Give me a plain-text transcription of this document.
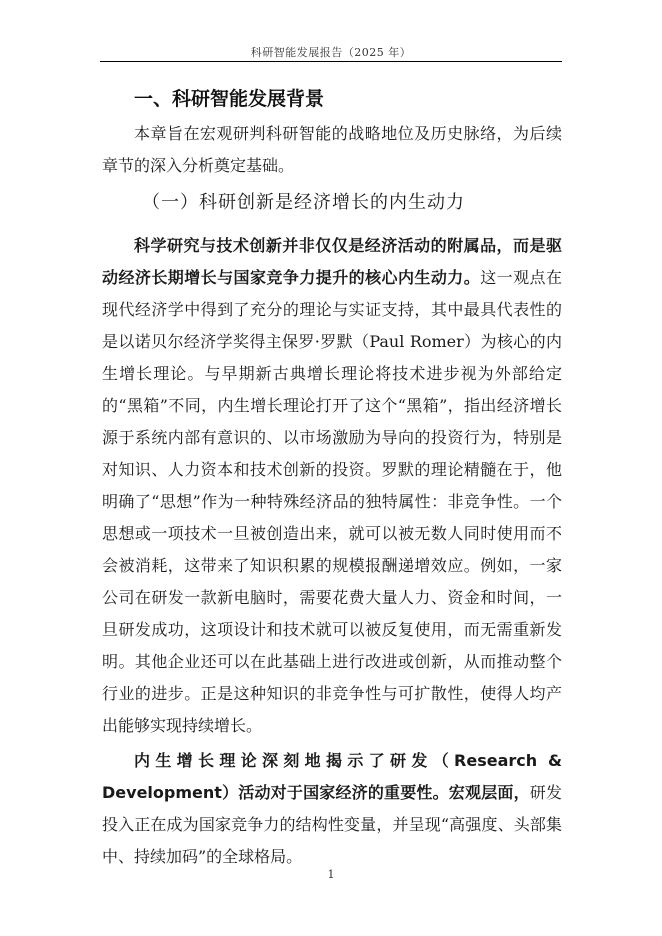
科研智能发展报告（2025 年）
一、科研智能发展背景

本章旨在宏观研判科研智能的战略地位及历史脉络，为后续章节的深入分析奠定基础。

（一）科研创新是经济增长的内生动力

科学研究与技术创新并非仅仅是经济活动的附属品，而是驱动经济长期增长与国家竞争力提升的核心内生动力。这一观点在现代经济学中得到了充分的理论与实证支持，其中最具代表性的是以诺贝尔经济学奖得主保罗·罗默（Paul Romer）为核心的内生增长理论。与早期新古典增长理论将技术进步视为外部给定的“黑箱”不同，内生增长理论打开了这个“黑箱”，指出经济增长源于系统内部有意识的、以市场激励为导向的投资行为，特别是对知识、人力资本和技术创新的投资。罗默的理论精髓在于，他明确了“思想”作为一种特殊经济品的独特属性：非竞争性。一个思想或一项技术一旦被创造出来，就可以被无数人同时使用而不会被消耗，这带来了知识积累的规模报酬递增效应。例如，一家公司在研发一款新电脑时，需要花费大量人力、资金和时间，一旦研发成功，这项设计和技术就可以被反复使用，而无需重新发明。其他企业还可以在此基础上进行改进或创新，从而推动整个行业的进步。正是这种知识的非竞争性与可扩散性，使得人均产出能够实现持续增长。

内生增长理论深刻地揭示了研发（Research & Development）活动对于国家经济的重要性。宏观层面，研发投入正在成为国家竞争力的结构性变量，并呈现“高强度、头部集中、持续加码”的全球格局。

1
